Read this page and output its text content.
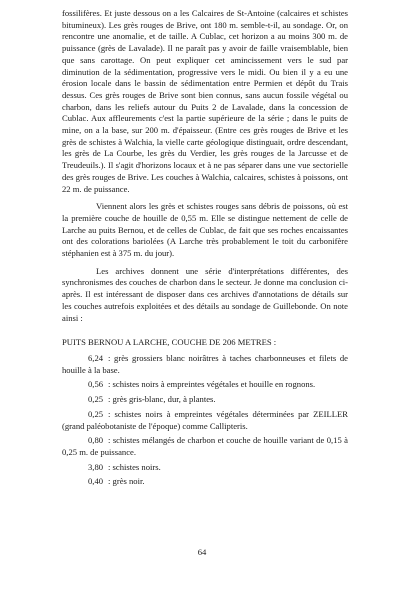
fossilifères. Et juste dessous on a les Calcaires de St-Antoine (calcaires et schistes bitumineux). Les grès rouges de Brive, ont 180 m. semble-t-il, au sondage. Or, on rencontre une anomalie, et de taille. A Cublac, cet horizon a au moins 300 m. de puissance (grès de Lavalade). Il ne paraît pas y avoir de faille vraisemblable, bien que sans carottage. On peut expliquer cet amincissement vers le sud par diminution de la sédimentation, progressive vers le midi. Ou bien il y a eu une érosion locale dans le bassin de sédimentation entre Permien et dépôt du Trais dessus. Ces grès rouges de Brive sont bien connus, sans aucun fossile végétal ou charbon, dans les reliefs autour du Puits 2 de Lavalade, dans la concession de Cublac. Aux affleurements c'est la partie supérieure de la série ; dans le puits de mine, on a la base, sur 200 m. d'épaisseur. (Entre ces grès rouges de Brive et les grès de schistes à Walchia, la vielle carte géologique distinguait, ordre descendant, les grès de La Courbe, les grès du Verdier, les grès rouges de la Jarcusse et de Treudeuils.). Il s'agit d'horizons locaux et à ne pas séparer dans une vue sectorielle des grès rouges de Brive. Les couches à Walchia, calcaires, schistes à poissons, ont 22 m. de puissance.

Viennent alors les grès et schistes rouges sans débris de poissons, où est la première couche de houille de 0,55 m. Elle se distingue nettement de celle de Larche au puits Bernou, et de celles de Cublac, de fait que ses roches encaissantes ont des colorations bariolées (A Larche très probablement le toit du carbonifère stéphanien est à 375 m. du jour).

Les archives donnent une série d'interprétations différentes, des synchronismes des couches de charbon dans le secteur. Je donne ma conclusion ci-après. Il est intéressant de disposer dans ces archives d'annotations de détails sur les couches autrefois exploitées et des détails au sondage de Guillebonde. On note ainsi :

PUITS BERNOU A LARCHE, COUCHE DE 206 METRES :

6,24 : grès grossiers blanc noirâtres à taches charbonneuses et filets de houille à la base.

0,56 : schistes noirs à empreintes végétales et houille en rognons.

0,25 : grès gris-blanc, dur, à plantes.

0,25 : schistes noirs à empreintes végétales déterminées par ZEILLER (grand paléobotaniste de l'époque) comme Callipteris.

0,80 : schistes mélangés de charbon et couche de houille variant de 0,15 à 0,25 m. de puissance.

3,80 : schistes noirs.

0,40 : grès noir.

64
